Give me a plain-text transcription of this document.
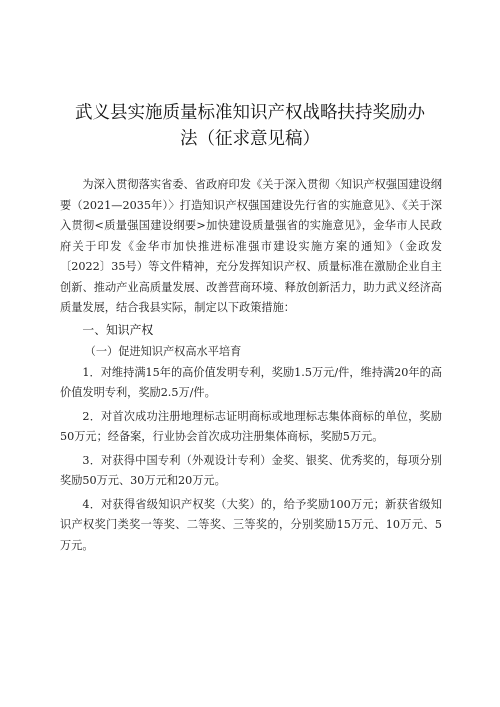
武义县实施质量标准知识产权战略扶持奖励办
法（征求意见稿）

为深入贯彻落实省委、省政府印发《关于深入贯彻〈知识产权强国建设纲要（2021—2035年）〉打造知识产权强国建设先行省的实施意见》、《关于深入贯彻<质量强国建设纲要>加快建设质量强省的实施意见》，金华市人民政府关于印发《金华市加快推进标准强市建设实施方案的通知》（金政发〔2022〕35号）等文件精神，充分发挥知识产权、质量标准在激励企业自主创新、推动产业高质量发展、改善营商环境、释放创新活力，助力武义经济高质量发展，结合我县实际，制定以下政策措施：

一、知识产权

（一）促进知识产权高水平培育

1．对维持满15年的高价值发明专利，奖励1.5万元/件，维持满20年的高价值发明专利，奖励2.5万/件。

2．对首次成功注册地理标志证明商标或地理标志集体商标的单位，奖励50万元；经备案，行业协会首次成功注册集体商标，奖励5万元。

3．对获得中国专利（外观设计专利）金奖、银奖、优秀奖的，每项分别奖励50万元、30万元和20万元。

4．对获得省级知识产权奖（大奖）的，给予奖励100万元；新获省级知识产权奖门类奖一等奖、二等奖、三等奖的，分别奖励15万元、10万元、5万元。
